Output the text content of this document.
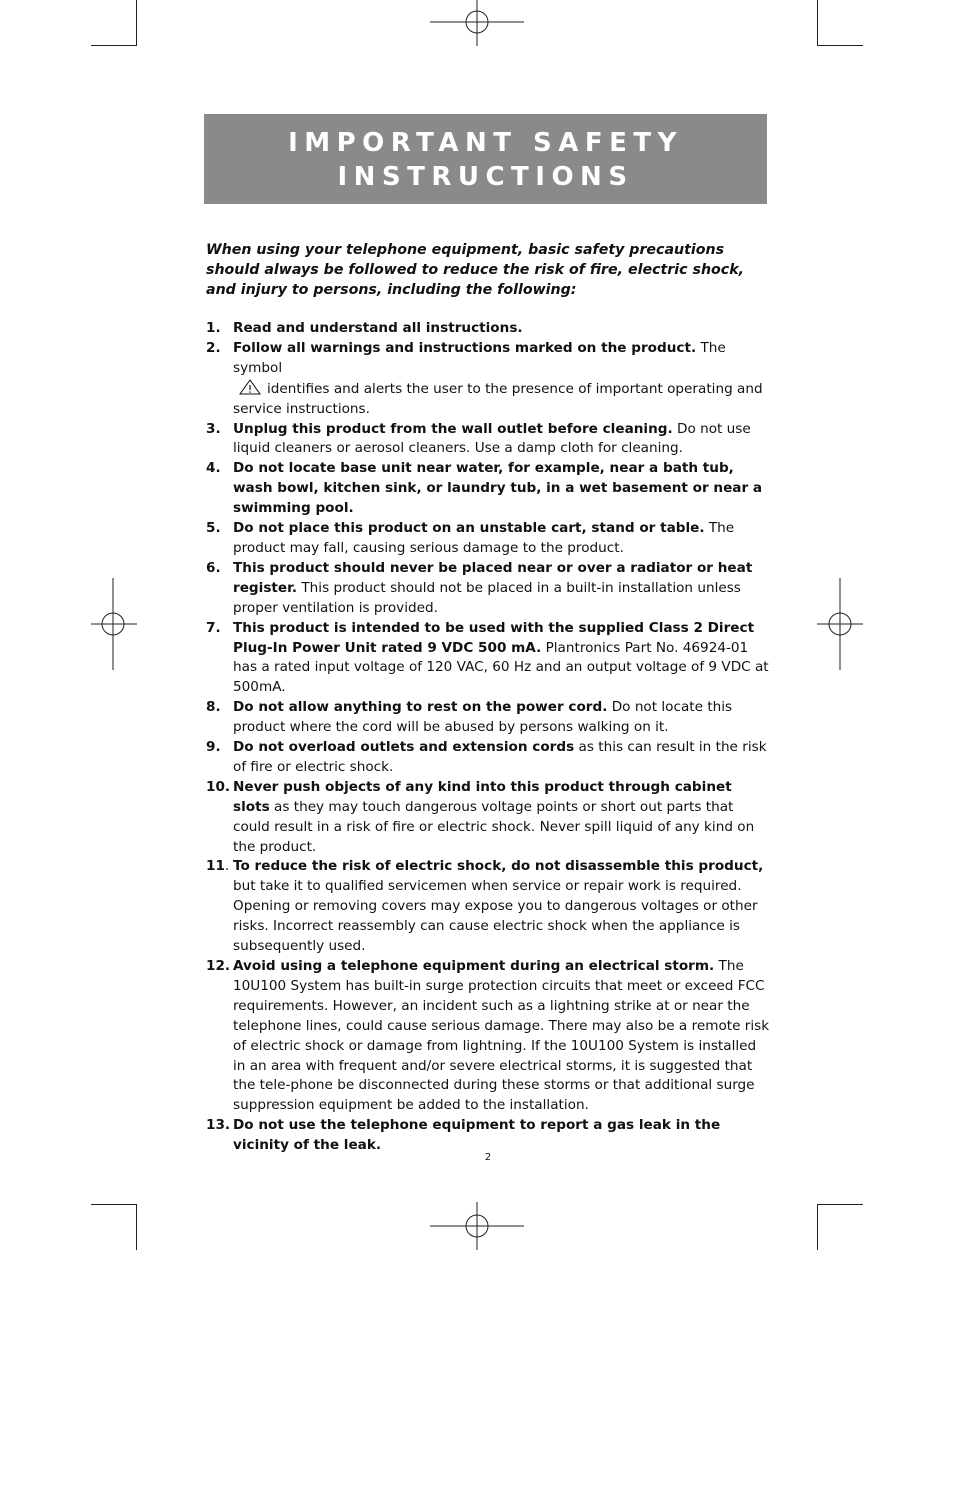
IMPORTANT SAFETY
INSTRUCTIONS
When using your telephone equipment, basic safety precautions should always be followed to reduce the risk of fire, electric shock, and injury to persons, including the following:
1. Read and understand all instructions.
2. Follow all warnings and instructions marked on the product. The symbol
identifies and alerts the user to the presence of important operating and service instructions.
3. Unplug this product from the wall outlet before cleaning. Do not use liquid cleaners or aerosol cleaners. Use a damp cloth for cleaning.
4. Do not locate base unit near water, for example, near a bath tub, wash bowl, kitchen sink, or laundry tub, in a wet basement or near a swimming pool.
5. Do not place this product on an unstable cart, stand or table. The product may fall, causing serious damage to the product.
6. This product should never be placed near or over a radiator or heat register. This product should not be placed in a built-in installation unless proper ventilation is provided.
7. This product is intended to be used with the supplied Class 2 Direct Plug-In Power Unit rated 9 VDC 500 mA. Plantronics Part No. 46924-01 has a rated input voltage of 120 VAC, 60 Hz and an output voltage of 9 VDC at 500mA.
8. Do not allow anything to rest on the power cord. Do not locate this product where the cord will be abused by persons walking on it.
9. Do not overload outlets and extension cords as this can result in the risk of fire or electric shock.
10. Never push objects of any kind into this product through cabinet slots as they may touch dangerous voltage points or short out parts that could result in a risk of fire or electric shock. Never spill liquid of any kind on the product.
11. To reduce the risk of electric shock, do not disassemble this product, but take it to qualified servicemen when service or repair work is required. Opening or removing covers may expose you to dangerous voltages or other risks. Incorrect reassembly can cause electric shock when the appliance is subsequently used.
12. Avoid using a telephone equipment during an electrical storm. The 10U100 System has built-in surge protection circuits that meet or exceed FCC requirements. However, an incident such as a lightning strike at or near the telephone lines, could cause serious damage. There may also be a remote risk of electric shock or damage from lightning. If the 10U100 System is installed in an area with frequent and/or severe electrical storms, it is suggested that the tele-phone be disconnected during these storms or that additional surge suppression equipment be added to the installation.
13. Do not use the telephone equipment to report a gas leak in the vicinity of the leak.
2
